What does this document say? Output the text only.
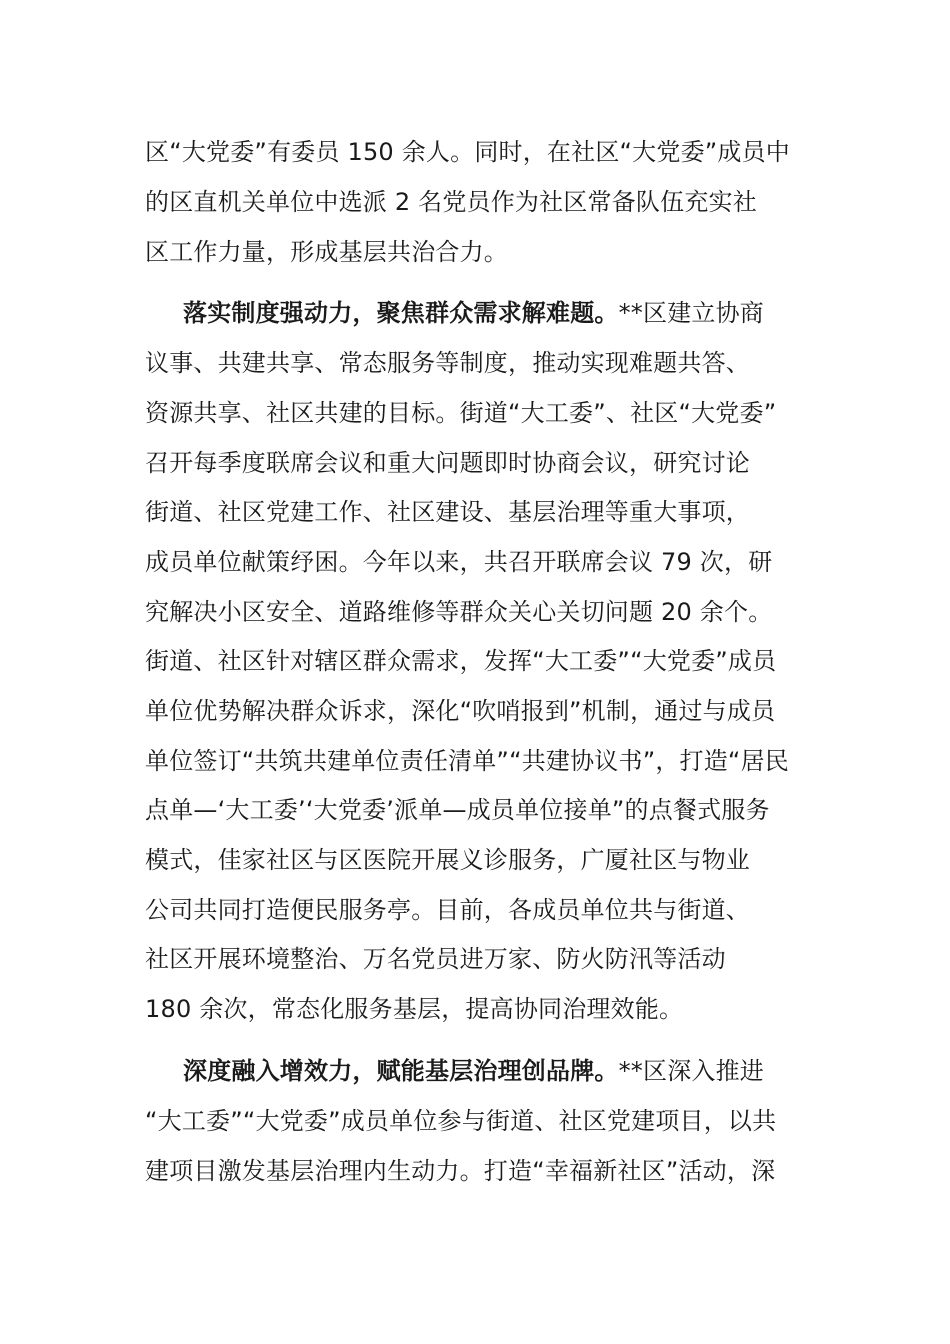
区“大党委”有委员 150 余人。同时，在社区“大党委”成员中
的区直机关单位中选派 2 名党员作为社区常备队伍充实社
区工作力量，形成基层共治合力。
落实制度强动力，聚焦群众需求解难题。**区建立协商
议事、共建共享、常态服务等制度，推动实现难题共答、
资源共享、社区共建的目标。街道“大工委”、社区“大党委”
召开每季度联席会议和重大问题即时协商会议，研究讨论
街道、社区党建工作、社区建设、基层治理等重大事项，
成员单位献策纾困。今年以来，共召开联席会议 79 次，研
究解决小区安全、道路维修等群众关心关切问题 20 余个。
街道、社区针对辖区群众需求，发挥“大工委”“大党委”成员
单位优势解决群众诉求，深化“吹哨报到”机制，通过与成员
单位签订“共筑共建单位责任清单”“共建协议书”，打造“居民
点单—‘大工委’‘大党委’派单—成员单位接单”的点餐式服务
模式，佳家社区与区医院开展义诊服务，广厦社区与物业
公司共同打造便民服务亭。目前，各成员单位共与街道、
社区开展环境整治、万名党员进万家、防火防汛等活动
180 余次，常态化服务基层，提高协同治理效能。
深度融入增效力，赋能基层治理创品牌。**区深入推进
“大工委”“大党委”成员单位参与街道、社区党建项目，以共
建项目激发基层治理内生动力。打造“幸福新社区”活动，深
